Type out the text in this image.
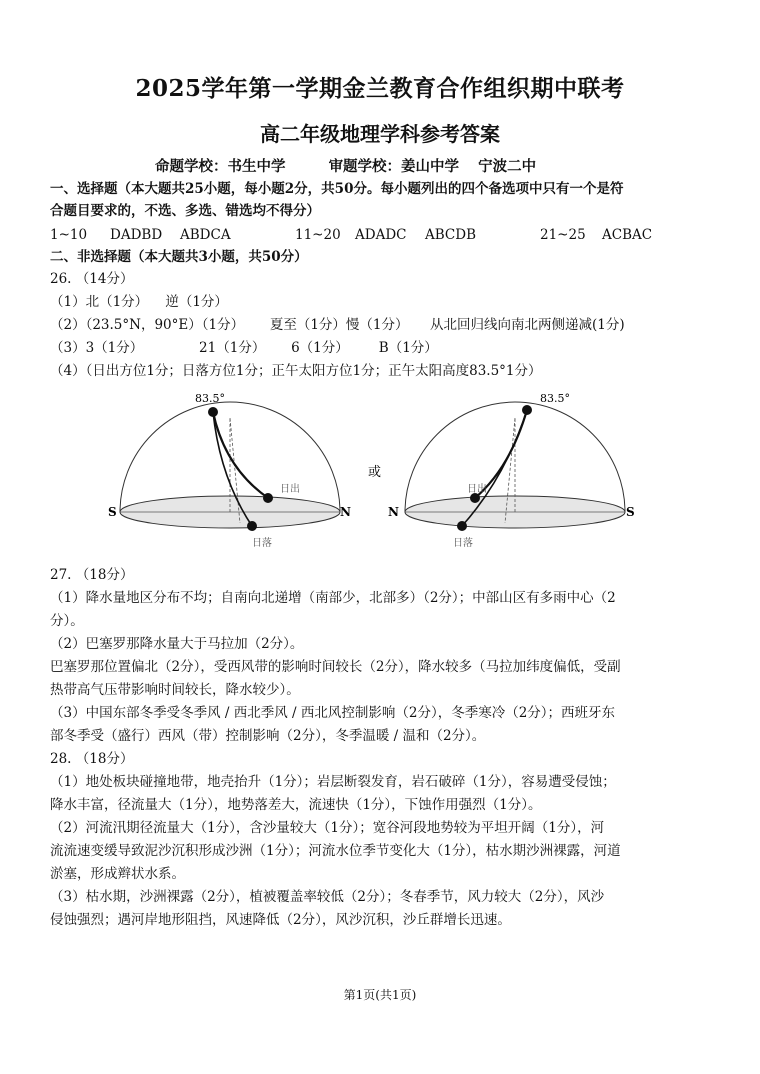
2025学年第一学期金兰教育合作组织期中联考
高二年级地理学科参考答案
命题学校：书生中学	审题学校：姜山中学 宁波二中
一、选择题（本大题共25小题，每小题2分，共50分。每小题列出的四个备选项中只有一个是符
合题目要求的，不选、多选、错选均不得分）
1~10 DADBD ABDCA	11~20 ADADC ABCDB	21~25 ACBAC
二、非选择题（本大题共3小题，共50分）
26. （14分）
（1）北（1分）    逆（1分）
（2）（23.5°N，90°E）（1分）      夏至（1分）慢（1分）     从北回归线向南北两侧递减(1分)
（3）3（1分）             21（1分）      6（1分）       B（1分）
（4）（日出方位1分；日落方位1分；正午太阳方位1分；正午太阳高度83.5°1分）
83.5°
日出
日落
S	N
或
83.5°
日出
日落
N	S
27. （18分）
（1）降水量地区分布不均；自南向北递增（南部少，北部多）（2分）；中部山区有多雨中心（2
分）。
（2）巴塞罗那降水量大于马拉加（2分）。
巴塞罗那位置偏北（2分），受西风带的影响时间较长（2分），降水较多（马拉加纬度偏低，受副
热带高气压带影响时间较长，降水较少）。
（3）中国东部冬季受冬季风 / 西北季风 / 西北风控制影响（2分），冬季寒冷（2分）；西班牙东
部冬季受（盛行）西风（带）控制影响（2分），冬季温暖 / 温和（2分）。
28. （18分）
（1）地处板块碰撞地带，地壳抬升（1分）；岩层断裂发育，岩石破碎（1分），容易遭受侵蚀；
降水丰富，径流量大（1分），地势落差大，流速快（1分），下蚀作用强烈（1分）。
（2）河流汛期径流量大（1分），含沙量较大（1分）；宽谷河段地势较为平坦开阔（1分），河
流流速变缓导致泥沙沉积形成沙洲（1分）；河流水位季节变化大（1分），枯水期沙洲裸露，河道
淤塞，形成辫状水系。
（3）枯水期，沙洲裸露（2分），植被覆盖率较低（2分）；冬春季节，风力较大（2分），风沙
侵蚀强烈；遇河岸地形阻挡，风速降低（2分），风沙沉积，沙丘群增长迅速。
第1页(共1页)
